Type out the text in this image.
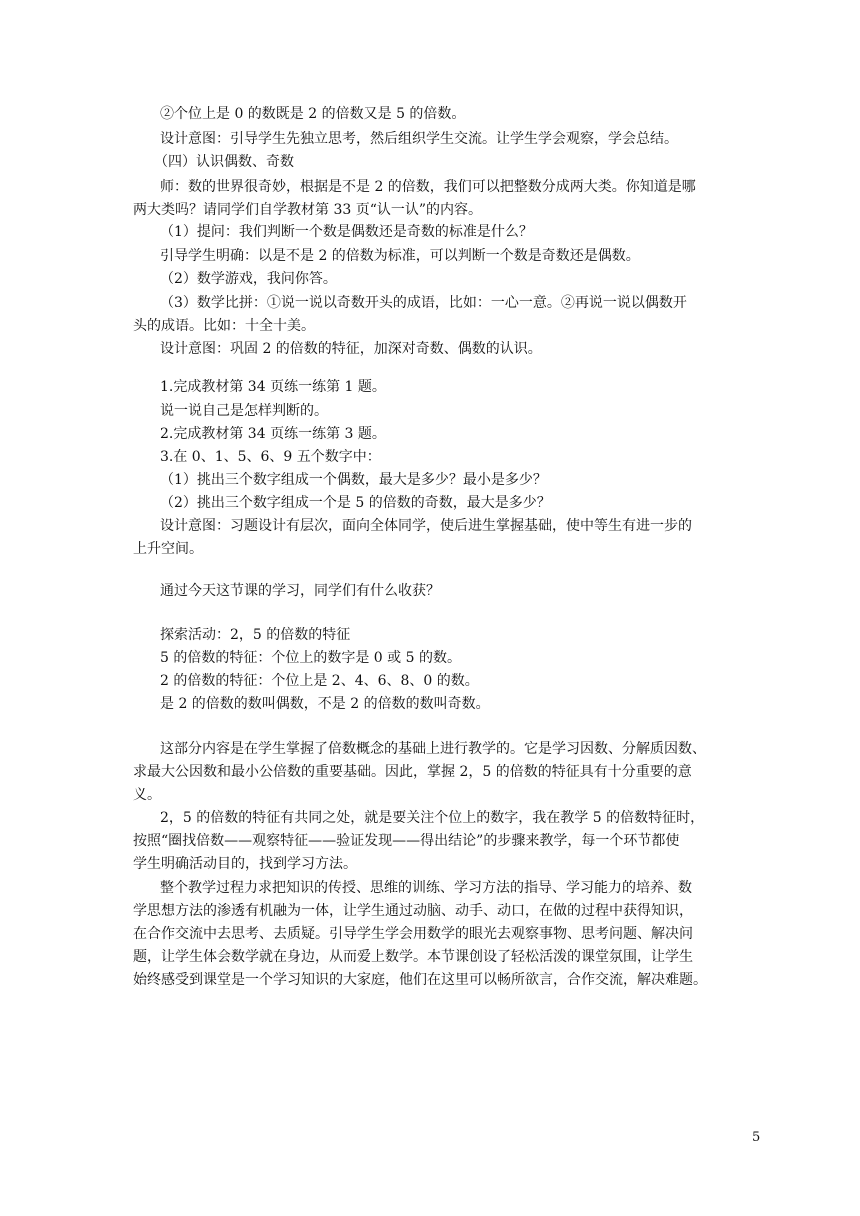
②个位上是 0 的数既是 2 的倍数又是 5 的倍数。
设计意图：引导学生先独立思考，然后组织学生交流。让学生学会观察，学会总结。
（四）认识偶数、奇数
师：数的世界很奇妙，根据是不是 2 的倍数，我们可以把整数分成两大类。你知道是哪
两大类吗？请同学们自学教材第 33 页“认一认”的内容。
（1）提问：我们判断一个数是偶数还是奇数的标准是什么？
引导学生明确：以是不是 2 的倍数为标准，可以判断一个数是奇数还是偶数。
（2）数学游戏，我问你答。
（3）数学比拼：①说一说以奇数开头的成语，比如：一心一意。②再说一说以偶数开
头的成语。比如：十全十美。
设计意图：巩固 2 的倍数的特征，加深对奇数、偶数的认识。
1.完成教材第 34 页练一练第 1 题。
说一说自己是怎样判断的。
2.完成教材第 34 页练一练第 3 题。
3.在 0、1、5、6、9 五个数字中：
（1）挑出三个数字组成一个偶数，最大是多少？最小是多少？
（2）挑出三个数字组成一个是 5 的倍数的奇数，最大是多少？
设计意图：习题设计有层次，面向全体同学，使后进生掌握基础，使中等生有进一步的
上升空间。
通过今天这节课的学习，同学们有什么收获？
探索活动：2，5 的倍数的特征
5 的倍数的特征：个位上的数字是 0 或 5 的数。
2 的倍数的特征：个位上是 2、4、6、8、0 的数。
是 2 的倍数的数叫偶数，不是 2 的倍数的数叫奇数。
这部分内容是在学生掌握了倍数概念的基础上进行教学的。它是学习因数、分解质因数、
求最大公因数和最小公倍数的重要基础。因此，掌握 2，5 的倍数的特征具有十分重要的意
义。
2，5 的倍数的特征有共同之处，就是要关注个位上的数字，我在教学 5 的倍数特征时，
按照“圈找倍数——观察特征——验证发现——得出结论”的步骤来教学，每一个环节都使
学生明确活动目的，找到学习方法。
整个教学过程力求把知识的传授、思维的训练、学习方法的指导、学习能力的培养、数
学思想方法的渗透有机融为一体，让学生通过动脑、动手、动口，在做的过程中获得知识，
在合作交流中去思考、去质疑。引导学生学会用数学的眼光去观察事物、思考问题、解决问
题，让学生体会数学就在身边，从而爱上数学。本节课创设了轻松活泼的课堂氛围，让学生
始终感受到课堂是一个学习知识的大家庭，他们在这里可以畅所欲言，合作交流，解决难题。
5
